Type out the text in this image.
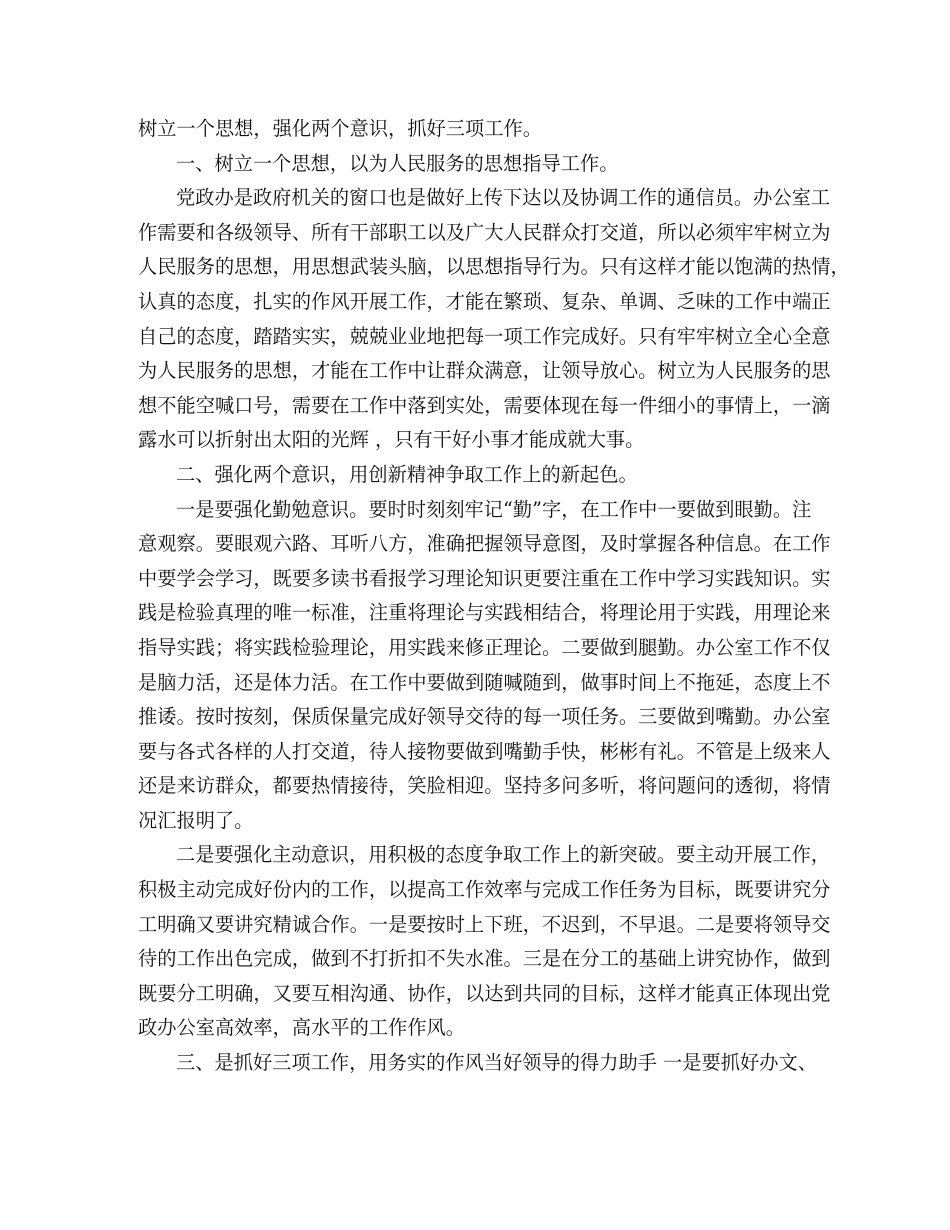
树立一个思想，强化两个意识，抓好三项工作。
一、树立一个思想，以为人民服务的思想指导工作。
党政办是政府机关的窗口也是做好上传下达以及协调工作的通信员。办公室工
作需要和各级领导、所有干部职工以及广大人民群众打交道，所以必须牢牢树立为
人民服务的思想，用思想武装头脑，以思想指导行为。只有这样才能以饱满的热情，
认真的态度，扎实的作风开展工作，才能在繁琐、复杂、单调、乏味的工作中端正
自己的态度，踏踏实实，兢兢业业地把每一项工作完成好。只有牢牢树立全心全意
为人民服务的思想，才能在工作中让群众满意，让领导放心。树立为人民服务的思
想不能空喊口号，需要在工作中落到实处，需要体现在每一件细小的事情上，一滴
露水可以折射出太阳的光辉 ，只有干好小事才能成就大事。
二、强化两个意识，用创新精神争取工作上的新起色。
一是要强化勤勉意识。要时时刻刻牢记“勤”字，在工作中一要做到眼勤。注
意观察。要眼观六路、耳听八方，准确把握领导意图，及时掌握各种信息。在工作
中要学会学习，既要多读书看报学习理论知识更要注重在工作中学习实践知识。实
践是检验真理的唯一标准，注重将理论与实践相结合，将理论用于实践，用理论来
指导实践；将实践检验理论，用实践来修正理论。二要做到腿勤。办公室工作不仅
是脑力活，还是体力活。在工作中要做到随喊随到，做事时间上不拖延，态度上不
推诿。按时按刻，保质保量完成好领导交待的每一项任务。三要做到嘴勤。办公室
要与各式各样的人打交道，待人接物要做到嘴勤手快，彬彬有礼。不管是上级来人
还是来访群众，都要热情接待，笑脸相迎。坚持多问多听，将问题问的透彻，将情
况汇报明了。
二是要强化主动意识，用积极的态度争取工作上的新突破。要主动开展工作，
积极主动完成好份内的工作，以提高工作效率与完成工作任务为目标，既要讲究分
工明确又要讲究精诚合作。一是要按时上下班，不迟到，不早退。二是要将领导交
待的工作出色完成，做到不打折扣不失水准。三是在分工的基础上讲究协作，做到
既要分工明确，又要互相沟通、协作，以达到共同的目标，这样才能真正体现出党
政办公室高效率，高水平的工作作风。
三、是抓好三项工作，用务实的作风当好领导的得力助手 一是要抓好办文、
